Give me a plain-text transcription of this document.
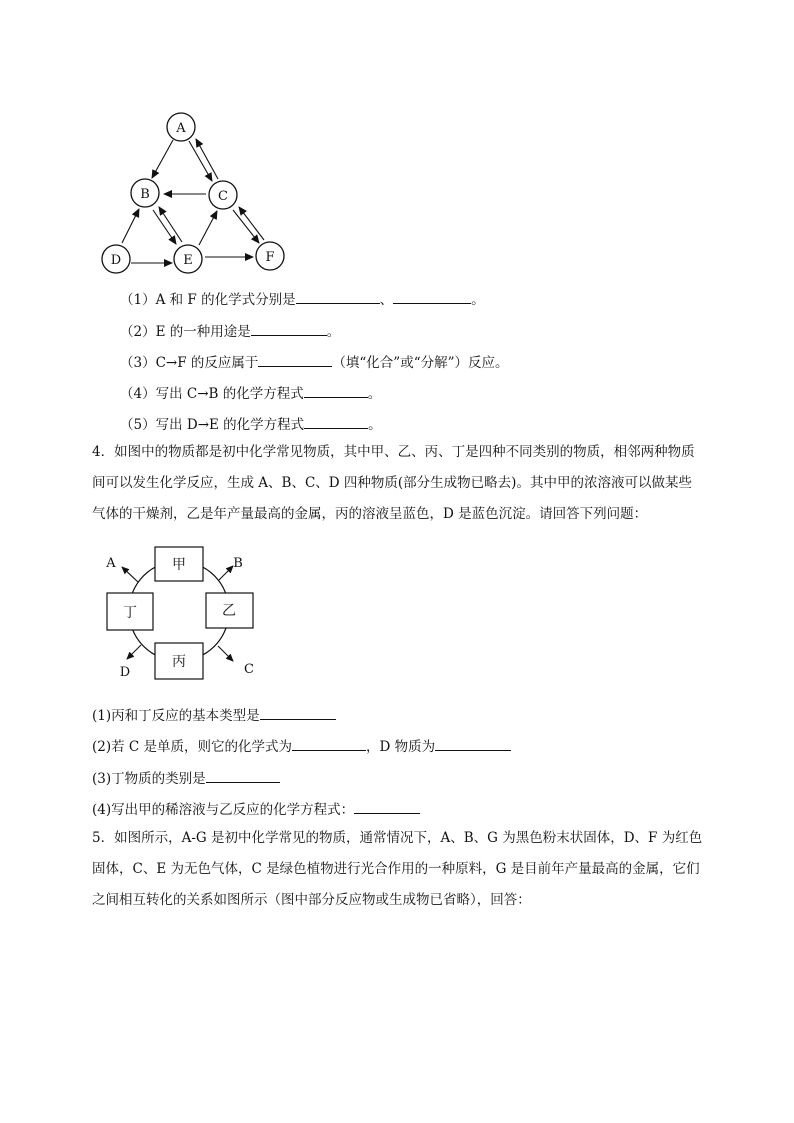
A
B	C
D	E	F
（1）A 和 F 的化学式分别是	、	。
（2）E 的一种用途是	。
（3）C→F 的反应属于	（填“化合”或“分解”）反应。
（4）写出 C→B 的化学方程式	。
（5）写出 D→E 的化学方程式	。
4．如图中的物质都是初中化学常见物质，其中甲、乙、丙、丁是四种不同类别的物质，相邻两种物质间可以发生化学反应，生成 A、B、C、D 四种物质(部分生成物已略去)。其中甲的浓溶液可以做某些气体的干燥剂，乙是年产量最高的金属，丙的溶液呈蓝色，D 是蓝色沉淀。请回答下列问题：
甲
乙
丙
丁
A	B
C
D
(1)丙和丁反应的基本类型是
(2)若 C 是单质，则它的化学式为	，D 物质为
(3)丁物质的类别是
(4)写出甲的稀溶液与乙反应的化学方程式：
5．如图所示，A-G 是初中化学常见的物质，通常情况下，A、B、G 为黑色粉末状固体，D、F 为红色固体，C、E 为无色气体，C 是绿色植物进行光合作用的一种原料，G 是目前年产量最高的金属，它们之间相互转化的关系如图所示（图中部分反应物或生成物已省略），回答：
